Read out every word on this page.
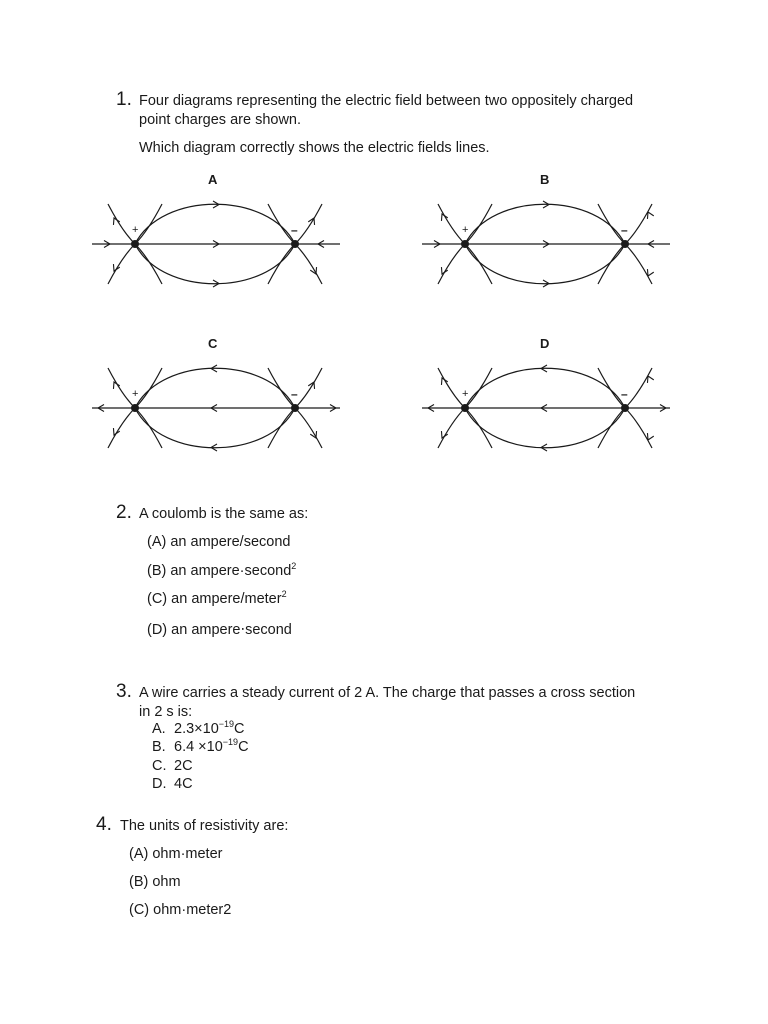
1. Four diagrams representing the electric field between two oppositely charged
point charges are shown.
Which diagram correctly shows the electric fields lines.
A	B
C	D
+	–	+	–
+	–	+	–
2. A coulomb is the same as:
(A) an ampere/second
(B) an ampere·second$^2$
(C) an ampere/meter$^2$
(D) an ampere⋅second
3. A wire carries a steady current of 2 A. The charge that passes a cross section
in 2 s is:
A. $2.3\times 10^{-19}C$
B. $6.4 \times 10^{-19}C$
C. 2C
D. 4C
4. The units of resistivity are:
(A) ohm·meter
(B) ohm
(C) ohm·meter2
